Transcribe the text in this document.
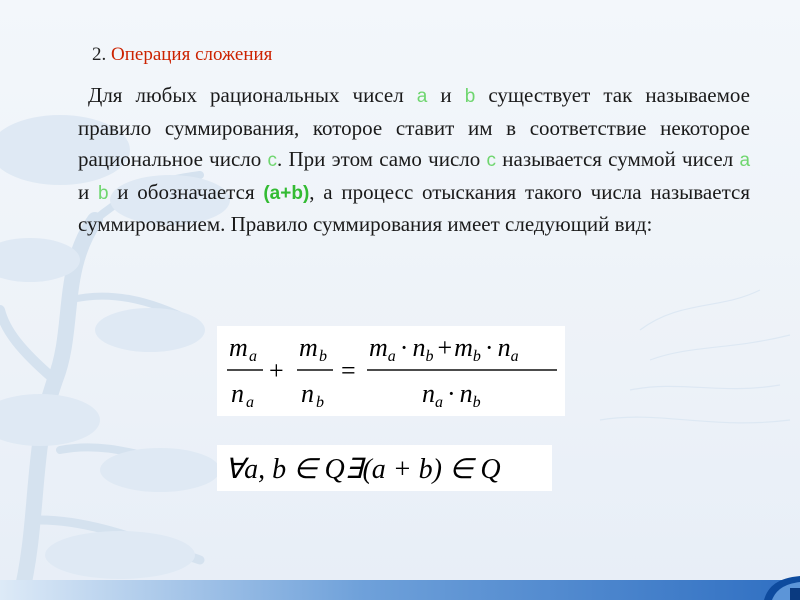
2. Операция сложения

Для любых рациональных чисел a и b существует так называемое правило суммирования, которое ставит им в соответствие некоторое рациональное число c. При этом само число c называется суммой чисел a и b и обозначается (a+b), а процесс отыскания такого числа называется суммированием. Правило суммирования имеет следующий вид:

m a
n a
+
m b
n b
=
ma · nb +mb · na
na · nb
∀a, b ∈ Q∃(a + b) ∈ Q
